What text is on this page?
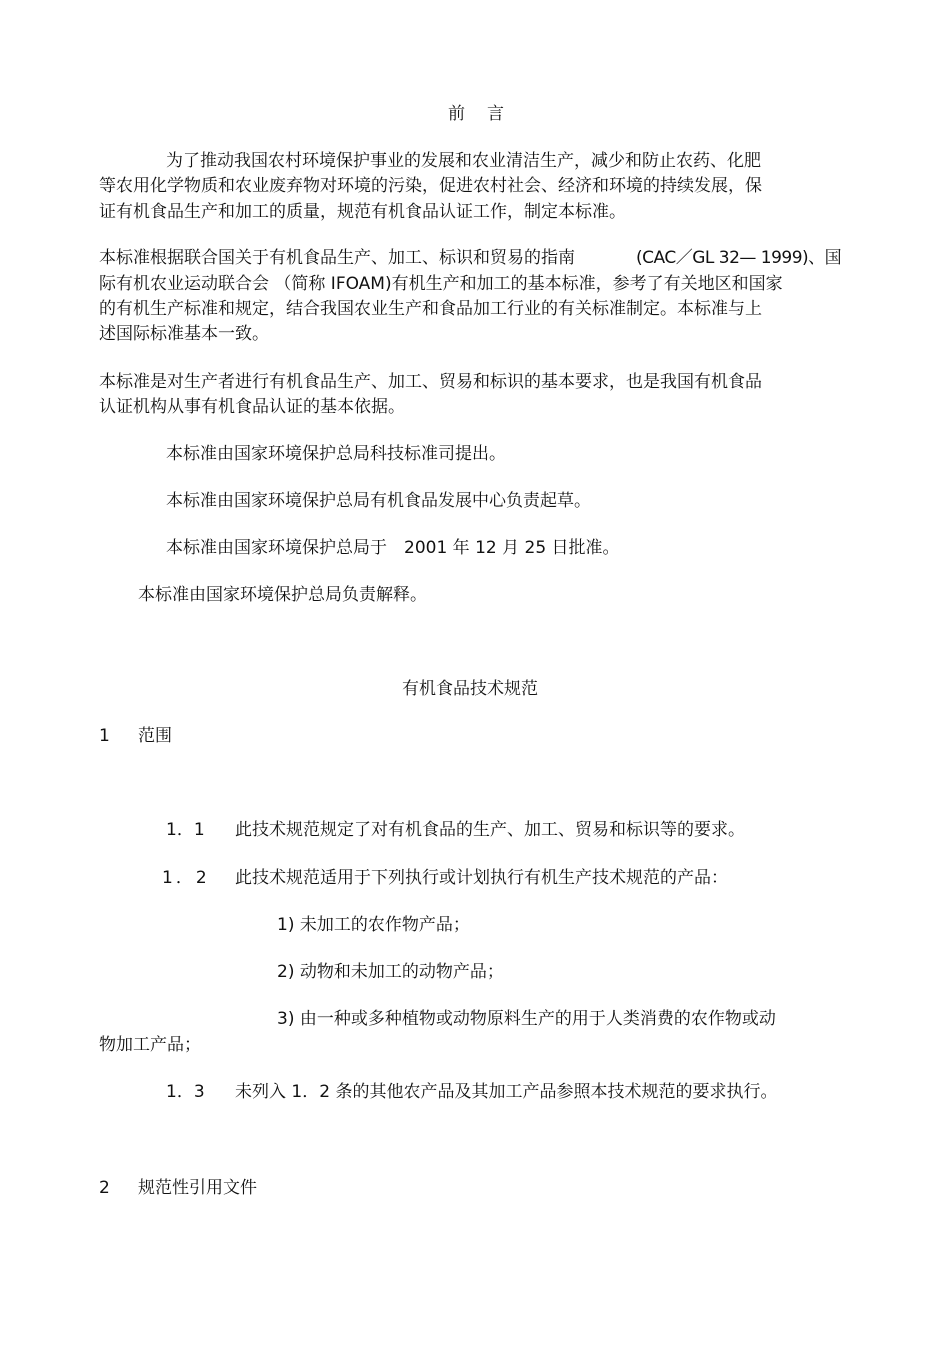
前 言

为了推动我国农村环境保护事业的发展和农业清洁生产，减少和防止农药、化肥

等农用化学物质和农业废弃物对环境的污染，促进农村社会、经济和环境的持续发展，保

证有机食品生产和加工的质量，规范有机食品认证工作，制定本标准。

本标准根据联合国关于有机食品生产、加工、标识和贸易的指南	(CAC／GL 32— 1999)、国

际有机农业运动联合会 （简称 IFOAM)有机生产和加工的基本标准，参考了有关地区和国家

的有机生产标准和规定，结合我国农业生产和食品加工行业的有关标准制定。本标准与上

述国际标准基本一致。

本标准是对生产者进行有机食品生产、加工、贸易和标识的基本要求，也是我国有机食品

认证机构从事有机食品认证的基本依据。

本标准由国家环境保护总局科技标准司提出。

本标准由国家环境保护总局有机食品发展中心负责起草。

本标准由国家环境保护总局于　2001 年 12 月 25 日批准。

本标准由国家环境保护总局负责解释。

有机食品技术规范

1 范围
1．1 此技术规范规定了对有机食品的生产、加工、贸易和标识等的要求。
1．2 此技术规范适用于下列执行或计划执行有机生产技术规范的产品：

1) 未加工的农作物产品；

2) 动物和未加工的动物产品；

3) 由一种或多种植物或动物原料生产的用于人类消费的农作物或动

物加工产品；

1．3 未列入 1．2 条的其他农产品及其加工产品参照本技术规范的要求执行。
2 规范性引用文件
